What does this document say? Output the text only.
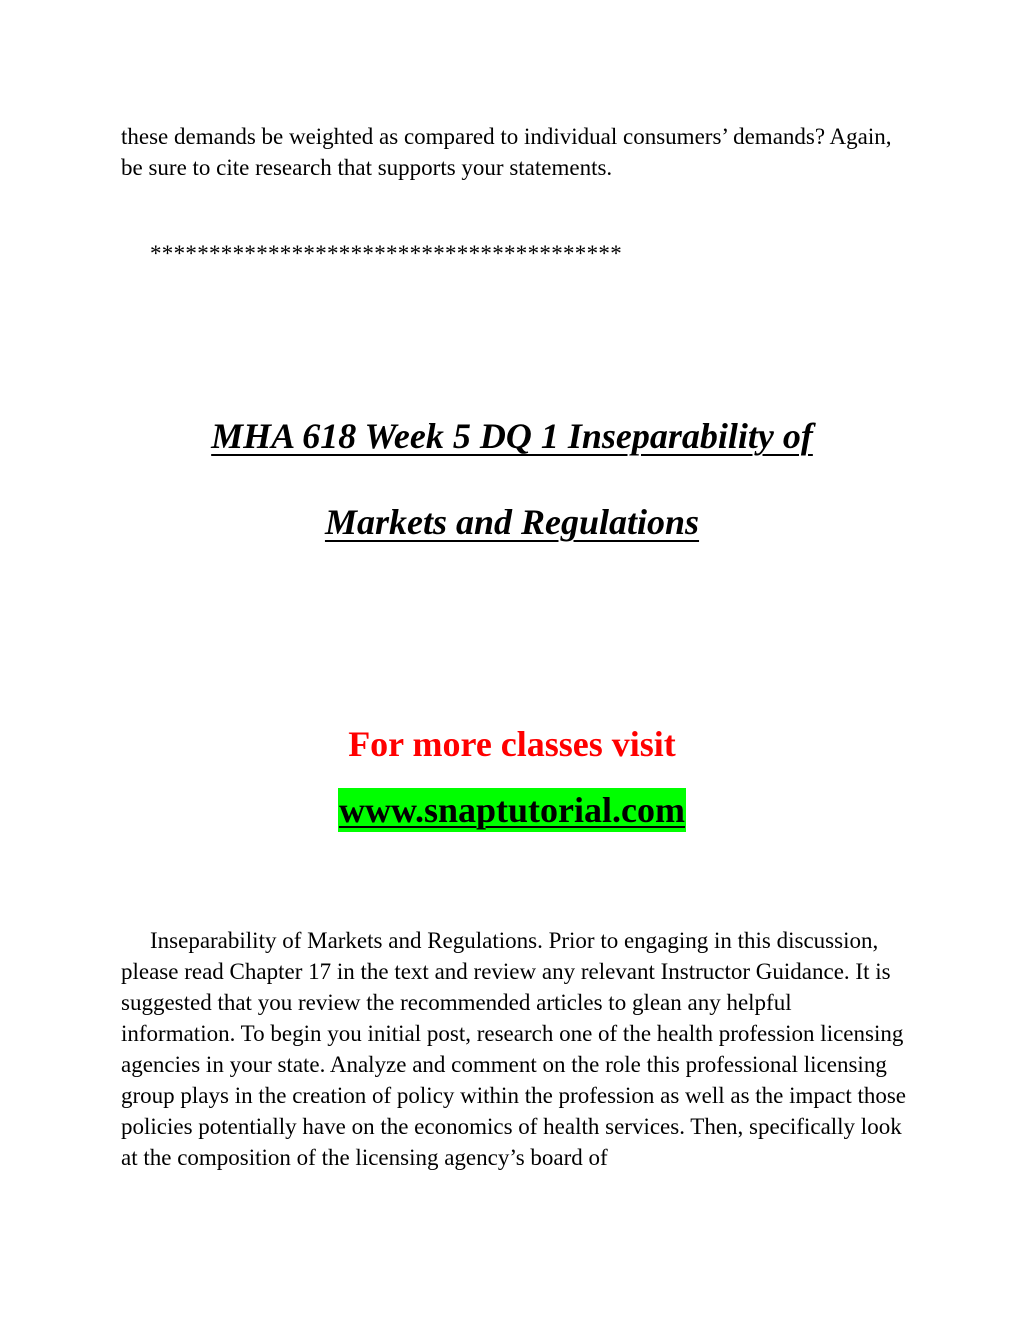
these demands be weighted as compared to individual consumers’ demands? Again, be sure to cite research that supports your statements.

****************************************

MHA 618 Week 5 DQ 1 Inseparability of
Markets and Regulations

For more classes visit

www.snaptutorial.com

Inseparability of Markets and Regulations. Prior to engaging in this discussion, please read Chapter 17 in the text and review any relevant Instructor Guidance. It is suggested that you review the recommended articles to glean any helpful information. To begin you initial post, research one of the health profession licensing agencies in your state. Analyze and comment on the role this professional licensing group plays in the creation of policy within the profession as well as the impact those policies potentially have on the economics of health services. Then, specifically look at the composition of the licensing agency’s board of
